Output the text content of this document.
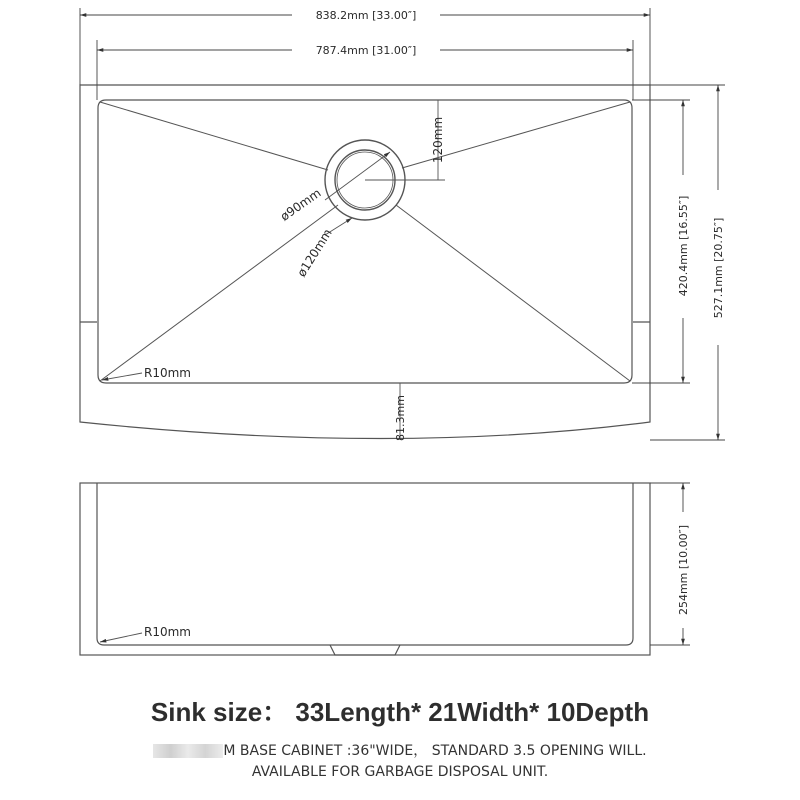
838.2mm [33.00″]
787.4mm [31.00″]
420.4mm [16.55″] 527.1mm [20.75″]
120mm
ø90mm
ø120mm
R10mm
81.3mm
R10mm
254mm [10.00″]
Sink size： 33Length* 21Width* 10Depth
M BASE CABINET :36"WIDE， STANDARD 3.5 OPENING WILL.
AVAILABLE FOR GARBAGE DISPOSAL UNIT.
